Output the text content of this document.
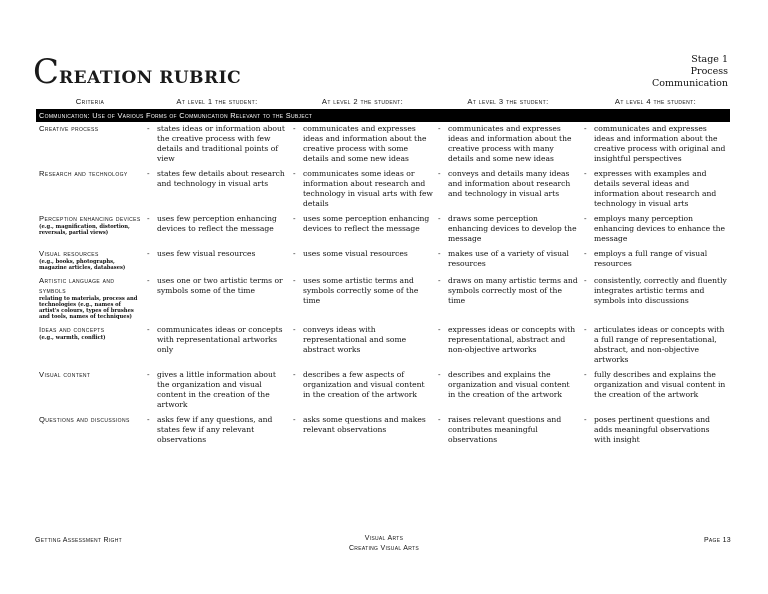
CREATION RUBRIC
Stage 1
Process
Communication
Criteria	At level 1 the student:	At level 2 the student:	At level 3 the student:	At level 4 the student:
Communication: Use of Various Forms of Communication Relevant to the Subject				

Creative process	- states ideas or information about the creative process with few details and traditional points of view	- communicates and expresses ideas and information about the creative process with some details and some new ideas	- communicates and expresses ideas and information about the creative process with many details and some new ideas	- communicates and expresses ideas and information about the creative process with original and insightful perspectives

Research and technology	- states few details about research and technology in visual arts	- communicates some ideas or information about research and technology in visual arts with few details	- conveys and details many ideas and information about research and technology in visual arts	- expresses with examples and details several ideas and information about research and technology in visual arts

Perception enhancing devices
(e.g., magnification, distortion, reversals, partial views)	- uses few perception enhancing devices to reflect the message	- uses some perception enhancing devices to reflect the message	- draws some perception enhancing devices to develop the message	- employs many perception enhancing devices to enhance the message

Visual resources
(e.g., books, photographs, magazine articles, databases)	- uses few visual resources	- uses some visual resources	- makes use of a variety of visual resources	- employs a full range of visual resources

Artistic language and symbols
relating to materials, process and technologies (e.g., names of artist's colours, types of brushes and tools, names of techniques)	- uses one or two artistic terms or symbols some of the time	- uses some artistic terms and symbols correctly some of the time	- draws on many artistic terms and symbols correctly most of the time	- consistently, correctly and fluently integrates artistic terms and symbols into discussions

Ideas and concepts
(e.g., warmth, conflict)	- communicates ideas or concepts with representational artworks only	- conveys ideas with representational and some abstract works	- expresses ideas or concepts with representational, abstract and non-objective artworks	- articulates ideas or concepts with a full range of representational, abstract, and non-objective artworks

Visual content	- gives a little information about the organization and visual content in the creation of the artwork	- describes a few aspects of organization and visual content in the creation of the artwork	- describes and explains the organization and visual content in the creation of the artwork	- fully describes and explains the organization and visual content in the creation of the artwork

Questions and discussions	- asks few if any questions, and states few if any relevant observations	- asks some questions and makes relevant observations	- raises relevant questions and contributes meaningful observations	- poses pertinent questions and adds meaningful observations with insight
Getting Assessment Right	Visual Arts
Creating Visual Arts
Page 13
